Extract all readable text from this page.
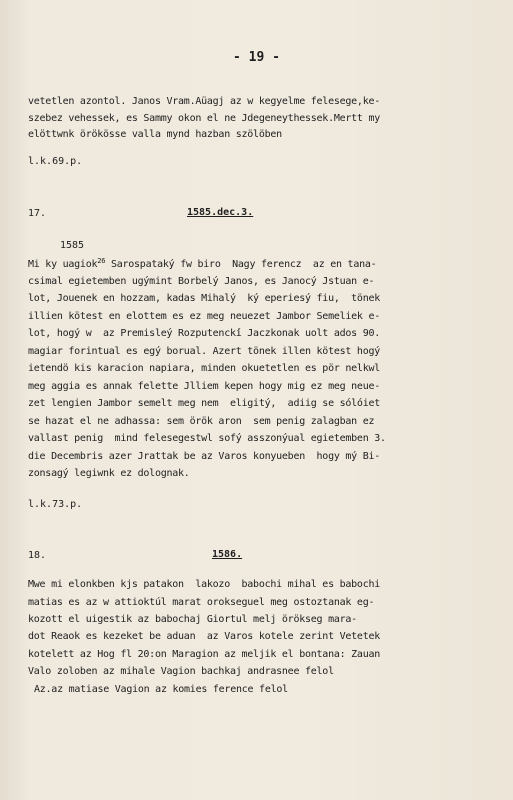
- 19 -
vetetlen azontol. Janos Vram.Aüagj az w kegyelme felesege,ke-
szebez vehessek, es Sammy okon el ne Jdegeneythessek.Mertt my
elöttwnk örökösse valla mynd hazban szölöben
l.k.69.p.
17.	1585.dec.3.
1585
Mi ky uagiok$^{26}$ Sarospataký fw biro  Nagy ferencz  az en tana-
csimal egietemben ugýmint Borbelý Janos, es Janocý Jstuan e-
lot, Jouenek en hozzam, kadas Mihalý  ký eperiesý fiu,  tönek
illien kötest en elottem es ez meg neuezet Jambor Semeliek e-
lot, hogý w  az Premisleý Rozputenckı̇́ Jaczkonak uolt ados 90.
magiar forintual es egý borual. Azert tönek illen kötest hogý
ietendö kis karacion napiara, minden okuetetlen es pör nelkwl
meg aggia es annak felette Jlliem kepen hogy mig ez meg neue-
zet lengien Jambor semelt meg nem  eligitý,  adiig se sólóiet
se hazat el ne adhassa: sem örök aron  sem penig zalagban ez
vallast penig  mind felesegestwl sofý asszonýual egietemben 3.
die Decembris azer Jrattak be az Varos konyueben  hogy mý Bi-
zonsagý legiwnk ez dolognak.
l.k.73.p.
18.	1586.
Mwe mi elonkben kjs patakon  lakozo  babochi mihal es babochi
matias es az w attioktúl marat orokseguel meg ostoztanak eg-
kozott el uigestik az babochaj Giortul melj örökseg mara-
dot Reaok es kezeket be aduan  az Varos kotele zerint Vetetek
kotelett az Hog fl 20:on Maragion az meljik el bontana: Zauan
Valo zoloben az mihale Vagion bachkaj andrasnee felol
Az.az matiase Vagion az komies ference felol
